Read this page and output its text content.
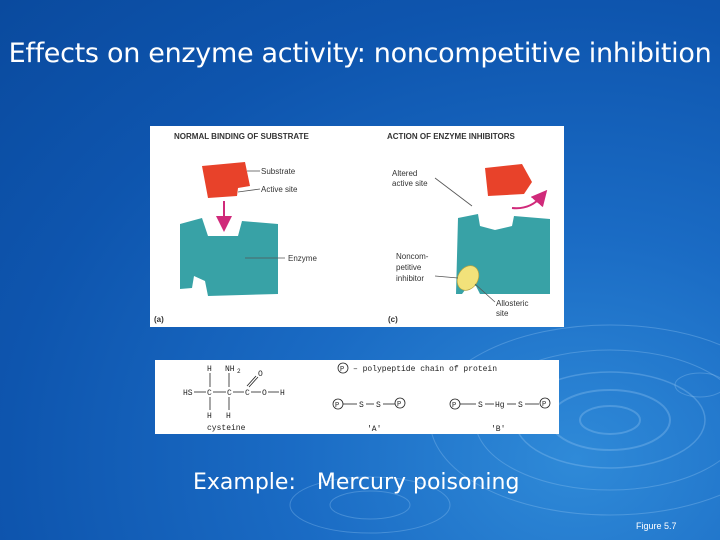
Effects on enzyme activity: noncompetitive inhibition
NORMAL BINDING OF SUBSTRATE
Substrate
Active site
Enzyme
(a)
ACTION OF ENZYME INHIBITORS
Altered
active site
Noncom-
petitive
inhibitor
Allosteric
site
(c)
H NH 2 O
HS C C C O H
H H
cysteine
P – polypeptide chain of protein
P S S P
'A'
P	S Hg S	P
'B'
Example:   Mercury poisoning
Figure 5.7
